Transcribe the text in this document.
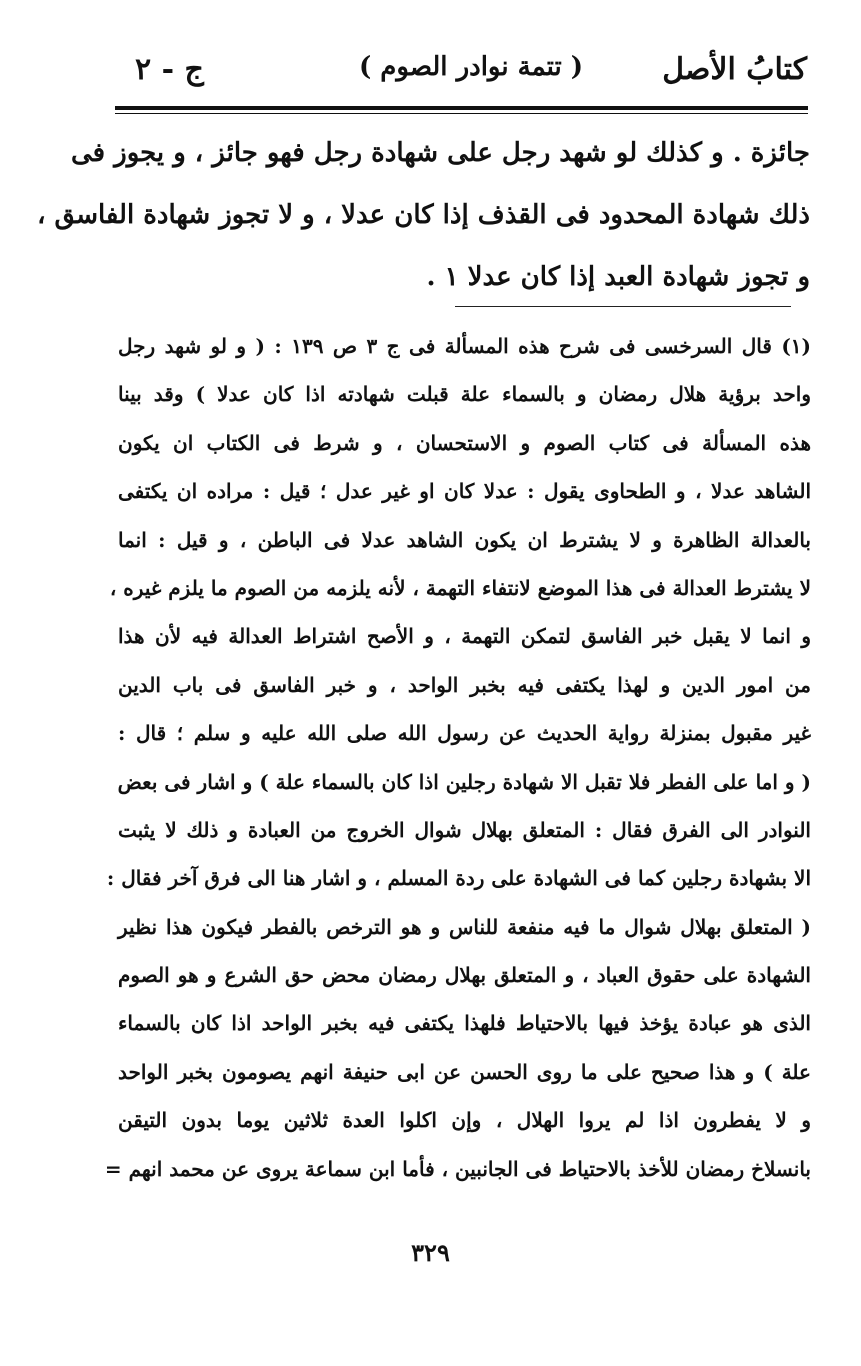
كتابُ الأصل
( تتمة نوادر الصوم )
ج - ٢
جائزة . و كذلك لو شهد رجل على شهادة رجل فهو جائز ، و يجوز فى
ذلك شهادة المحدود فى القذف إذا كان عدلا ، و لا تجوز شهادة الفاسق ،
و تجوز شهادة العبد إذا كان عدلا ١ .
(١) قال السرخسى فى شرح هذه المسألة فى ج ٣ ص ١٣٩ : ( و لو شهد رجل
واحد برؤية هلال رمضان و بالسماء علة قبلت شهادته اذا كان عدلا ) وقد بينا
هذه المسألة فى كتاب الصوم و الاستحسان ، و شرط فى الكتاب ان يكون
الشاهد عدلا ، و الطحاوى يقول : عدلا كان او غير عدل ؛ قيل : مراده ان يكتفى
بالعدالة الظاهرة و لا يشترط ان يكون الشاهد عدلا فى الباطن ، و قيل : انما
لا يشترط العدالة فى هذا الموضع لانتفاء التهمة ، لأنه يلزمه من الصوم ما يلزم غيره ،
و انما لا يقبل خبر الفاسق لتمكن التهمة ، و الأصح اشتراط العدالة فيه لأن هذا
من امور الدين و لهذا يكتفى فيه بخبر الواحد ، و خبر الفاسق فى باب الدين
غير مقبول بمنزلة رواية الحديث عن رسول الله صلى الله عليه و سلم ؛ قال :
( و اما على الفطر فلا تقبل الا شهادة رجلين اذا كان بالسماء علة ) و اشار فى بعض
النوادر الى الفرق فقال : المتعلق بهلال شوال الخروج من العبادة و ذلك لا يثبت
الا بشهادة رجلين كما فى الشهادة على ردة المسلم ، و اشار هنا الى فرق آخر فقال :
( المتعلق بهلال شوال ما فيه منفعة للناس و هو الترخص بالفطر فيكون هذا نظير
الشهادة على حقوق العباد ، و المتعلق بهلال رمضان محض حق الشرع و هو الصوم
الذى هو عبادة يؤخذ فيها بالاحتياط فلهذا يكتفى فيه بخبر الواحد اذا كان بالسماء
علة ) و هذا صحيح على ما روى الحسن عن ابى حنيفة انهم يصومون بخبر الواحد
و لا يفطرون اذا لم يروا الهلال ، وإن اكلوا العدة ثلاثين يوما بدون التيقن
بانسلاخ رمضان للأخذ بالاحتياط فى الجانبين ، فأما ابن سماعة يروى عن محمد انهم =
٣٢٩
